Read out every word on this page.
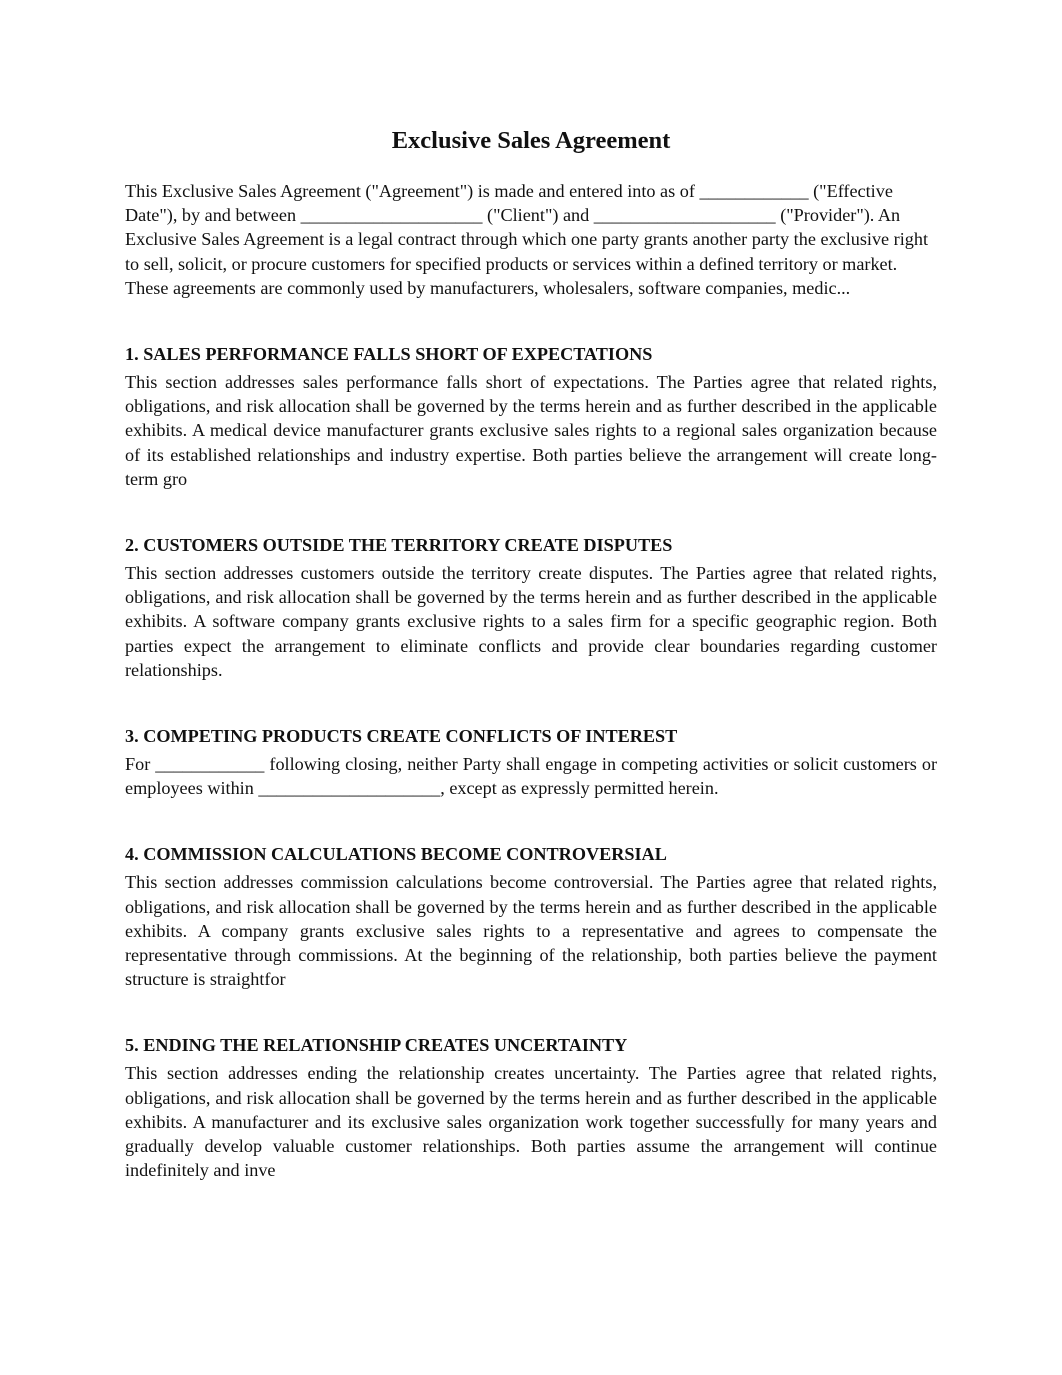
Exclusive Sales Agreement

This Exclusive Sales Agreement ("Agreement") is made and entered into as of ____________ ("Effective Date"), by and between ____________________ ("Client") and ____________________ ("Provider"). An Exclusive Sales Agreement is a legal contract through which one party grants another party the exclusive right to sell, solicit, or procure customers for specified products or services within a defined territory or market. These agreements are commonly used by manufacturers, wholesalers, software companies, medic...

1. SALES PERFORMANCE FALLS SHORT OF EXPECTATIONS

This section addresses sales performance falls short of expectations. The Parties agree that related rights, obligations, and risk allocation shall be governed by the terms herein and as further described in the applicable exhibits. A medical device manufacturer grants exclusive sales rights to a regional sales organization because of its established relationships and industry expertise. Both parties believe the arrangement will create long-term gro

2. CUSTOMERS OUTSIDE THE TERRITORY CREATE DISPUTES

This section addresses customers outside the territory create disputes. The Parties agree that related rights, obligations, and risk allocation shall be governed by the terms herein and as further described in the applicable exhibits. A software company grants exclusive rights to a sales firm for a specific geographic region. Both parties expect the arrangement to eliminate conflicts and provide clear boundaries regarding customer relationships.

3. COMPETING PRODUCTS CREATE CONFLICTS OF INTEREST

For ____________ following closing, neither Party shall engage in competing activities or solicit customers or employees within ____________________, except as expressly permitted herein.

4. COMMISSION CALCULATIONS BECOME CONTROVERSIAL

This section addresses commission calculations become controversial. The Parties agree that related rights, obligations, and risk allocation shall be governed by the terms herein and as further described in the applicable exhibits. A company grants exclusive sales rights to a representative and agrees to compensate the representative through commissions. At the beginning of the relationship, both parties believe the payment structure is straightfor

5. ENDING THE RELATIONSHIP CREATES UNCERTAINTY

This section addresses ending the relationship creates uncertainty. The Parties agree that related rights, obligations, and risk allocation shall be governed by the terms herein and as further described in the applicable exhibits. A manufacturer and its exclusive sales organization work together successfully for many years and gradually develop valuable customer relationships. Both parties assume the arrangement will continue indefinitely and inve
